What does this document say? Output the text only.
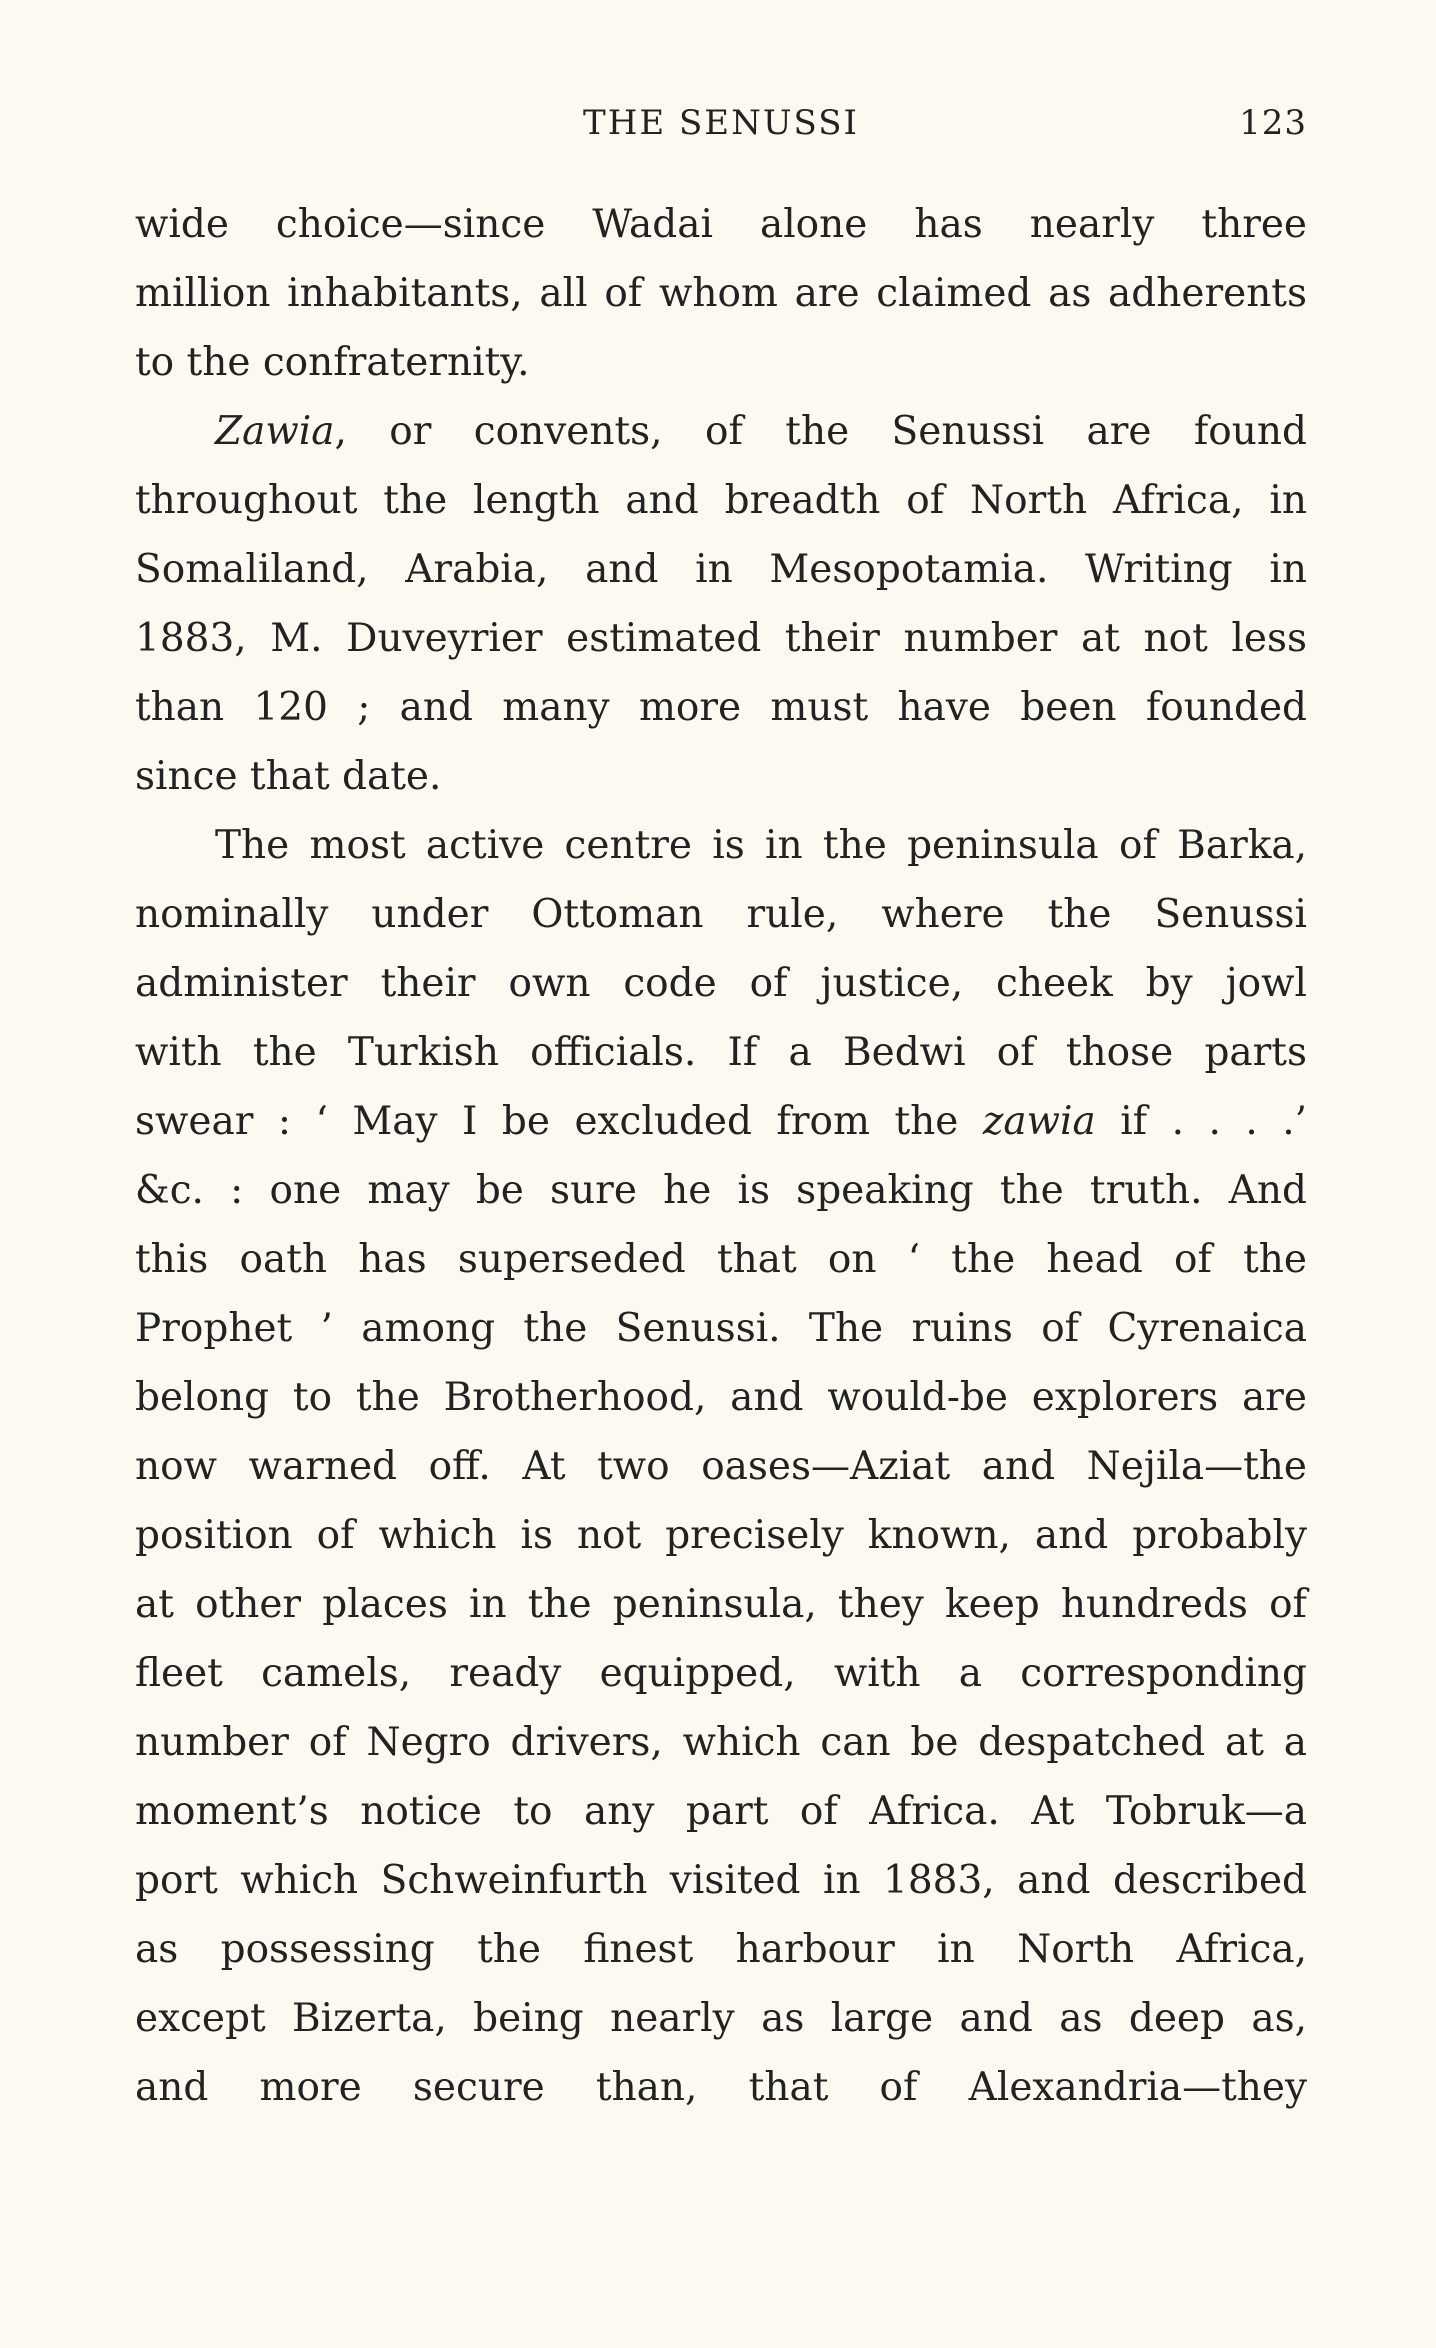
THE SENUSSI	123
wide choice—since Wadai alone has nearly three
million inhabitants, all of whom are claimed as adherents
to the confraternity.
Zawia, or convents, of the Senussi are found
throughout the length and breadth of North Africa, in
Somaliland, Arabia, and in Mesopotamia. Writing in
1883, M. Duveyrier estimated their number at not less
than 120 ; and many more must have been founded
since that date.
The most active centre is in the peninsula of Barka,
nominally under Ottoman rule, where the Senussi
administer their own code of justice, cheek by jowl
with the Turkish officials. If a Bedwi of those parts
swear : ‘ May I be excluded from the zawia if . . . .’
&c. : one may be sure he is speaking the truth. And
this oath has superseded that on ‘ the head of the
Prophet ’ among the Senussi. The ruins of Cyrenaica
belong to the Brotherhood, and would-be explorers are
now warned off. At two oases—Aziat and Nejila—the
position of which is not precisely known, and probably
at other places in the peninsula, they keep hundreds of
fleet camels, ready equipped, with a corresponding
number of Negro drivers, which can be despatched at a
moment’s notice to any part of Africa. At Tobruk—a
port which Schweinfurth visited in 1883, and described
as possessing the finest harbour in North Africa,
except Bizerta, being nearly as large and as deep as,
and more secure than, that of Alexandria—they
